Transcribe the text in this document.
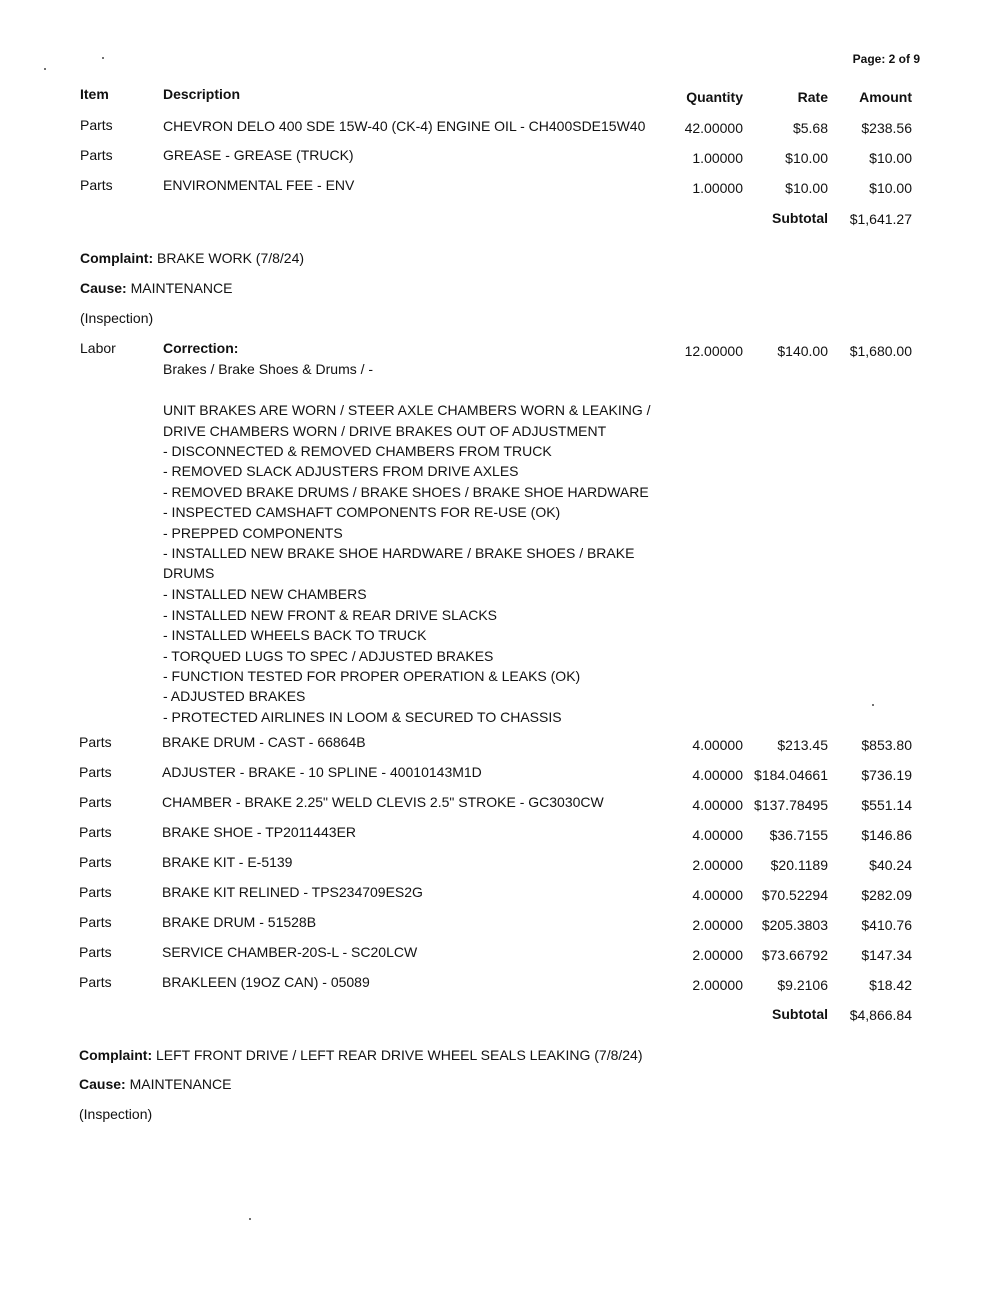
Page: 2 of 9
Item	Description	Quantity	Rate	Amount
Parts	CHEVRON DELO 400 SDE 15W-40 (CK-4) ENGINE OIL - CH400SDE15W40	42.00000	$5.68	$238.56
Parts	GREASE - GREASE (TRUCK)	1.00000	$10.00	$10.00
Parts	ENVIRONMENTAL FEE - ENV	1.00000	$10.00	$10.00
Subtotal	$1,641.27
Complaint: BRAKE WORK (7/8/24)
Cause: MAINTENANCE
(Inspection)
Labor	Correction:	12.00000	$140.00	$1,680.00
Brakes / Brake Shoes & Drums / -
UNIT BRAKES ARE WORN / STEER AXLE CHAMBERS WORN & LEAKING /
DRIVE CHAMBERS WORN / DRIVE BRAKES OUT OF ADJUSTMENT
- DISCONNECTED & REMOVED CHAMBERS FROM TRUCK
- REMOVED SLACK ADJUSTERS FROM DRIVE AXLES
- REMOVED BRAKE DRUMS / BRAKE SHOES / BRAKE SHOE HARDWARE
- INSPECTED CAMSHAFT COMPONENTS FOR RE-USE (OK)
- PREPPED COMPONENTS
- INSTALLED NEW BRAKE SHOE HARDWARE / BRAKE SHOES / BRAKE
DRUMS
- INSTALLED NEW CHAMBERS
- INSTALLED NEW FRONT & REAR DRIVE SLACKS
- INSTALLED WHEELS BACK TO TRUCK
- TORQUED LUGS TO SPEC / ADJUSTED BRAKES
- FUNCTION TESTED FOR PROPER OPERATION & LEAKS (OK)
- ADJUSTED BRAKES
- PROTECTED AIRLINES IN LOOM & SECURED TO CHASSIS
Parts	BRAKE DRUM - CAST - 66864B	4.00000	$213.45	$853.80
Parts	ADJUSTER - BRAKE - 10 SPLINE - 40010143M1D	4.00000 $184.04661	$736.19
Parts	CHAMBER - BRAKE 2.25" WELD CLEVIS 2.5" STROKE - GC3030CW	4.00000 $137.78495	$551.14
Parts	BRAKE SHOE - TP2011443ER	4.00000	$36.7155	$146.86
Parts	BRAKE KIT - E-5139	2.00000	$20.1189	$40.24
Parts	BRAKE KIT RELINED - TPS234709ES2G	4.00000	$70.52294	$282.09
Parts	BRAKE DRUM - 51528B	2.00000	$205.3803	$410.76
Parts	SERVICE CHAMBER-20S-L - SC20LCW	2.00000	$73.66792	$147.34
Parts	BRAKLEEN (19OZ CAN) - 05089	2.00000	$9.2106	$18.42
Subtotal	$4,866.84
Complaint: LEFT FRONT DRIVE / LEFT REAR DRIVE WHEEL SEALS LEAKING (7/8/24)
Cause: MAINTENANCE
(Inspection)
